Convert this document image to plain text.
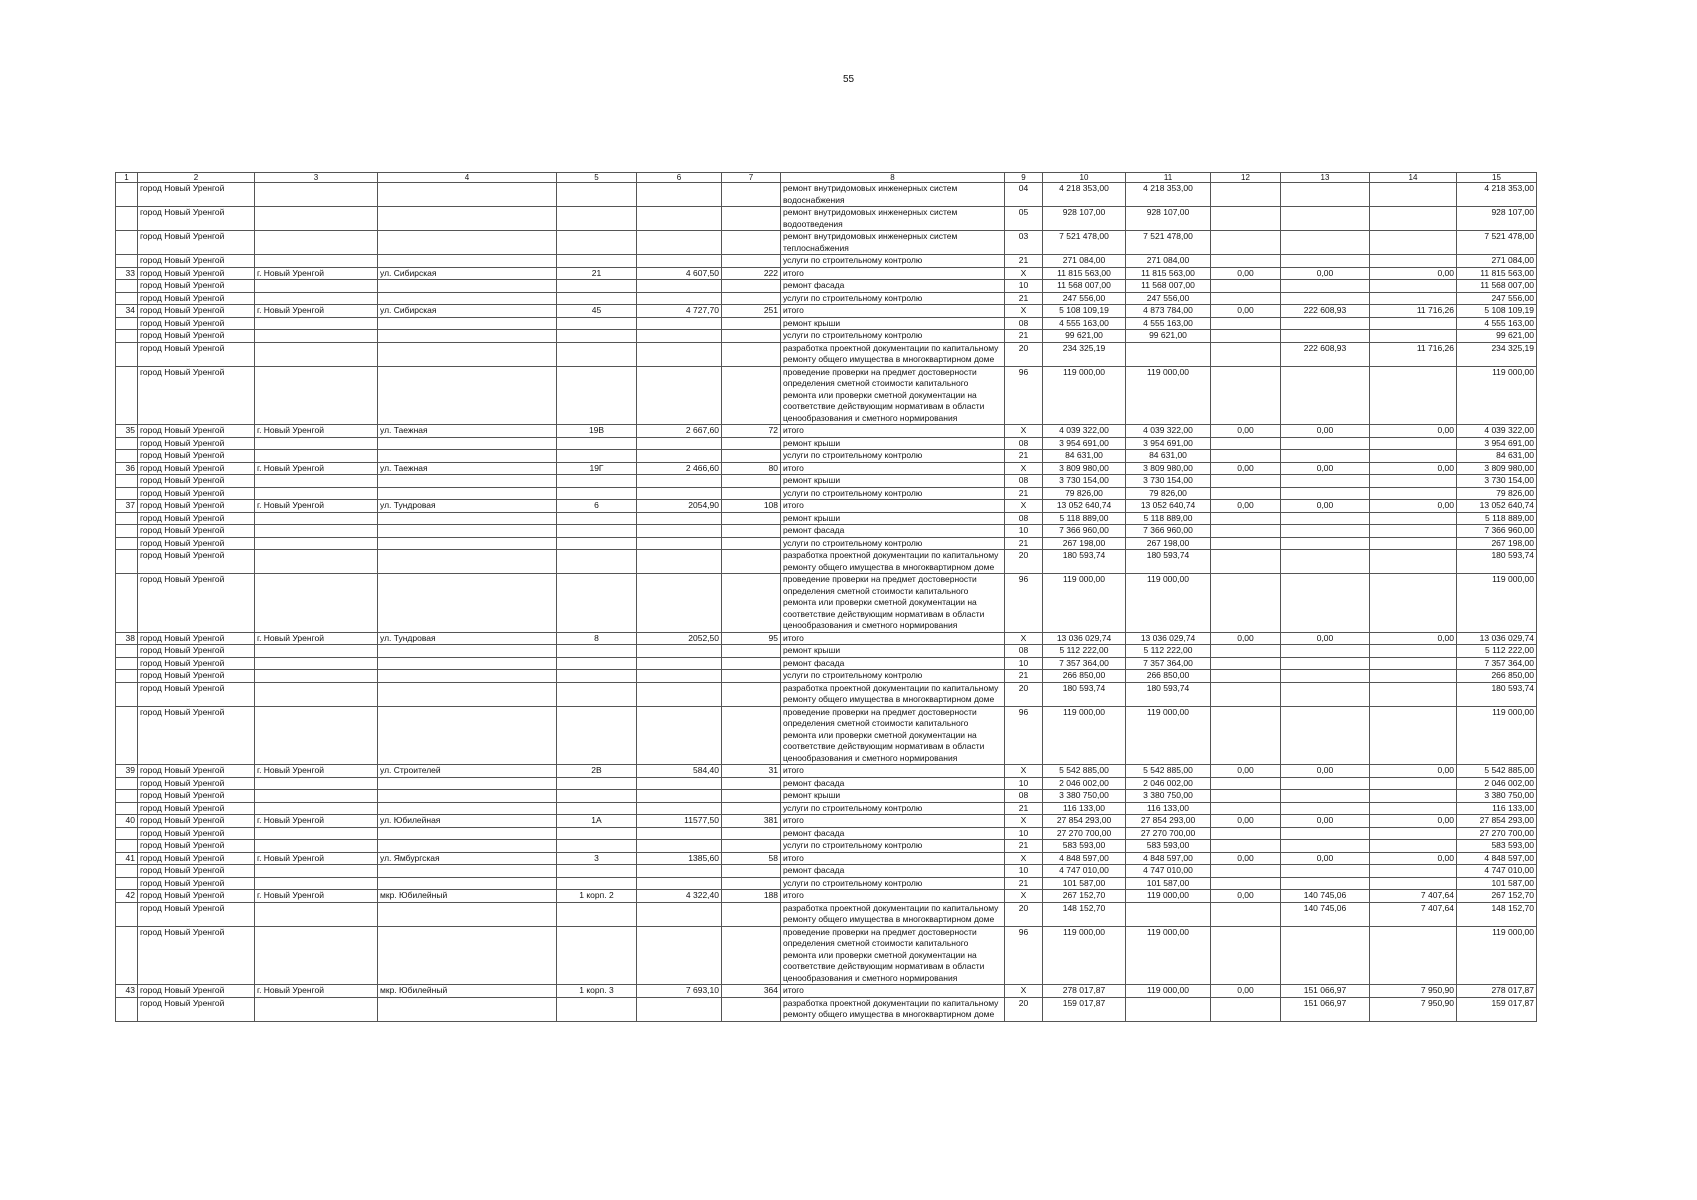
55
1	2	3	4	5	6	7	8	9	10	11	12	13	14	15
	город Новый Уренгой						ремонт внутридомовых инженерных систем водоснабжения	04	4 218 353,00	4 218 353,00				4 218 353,00
	город Новый Уренгой						ремонт внутридомовых инженерных систем водоотведения	05	928 107,00	928 107,00				928 107,00
	город Новый Уренгой						ремонт внутридомовых инженерных систем теплоснабжения	03	7 521 478,00	7 521 478,00				7 521 478,00
	город Новый Уренгой						услуги по строительному контролю	21	271 084,00	271 084,00				271 084,00
33	город Новый Уренгой	г. Новый Уренгой	ул. Сибирская	21	4 607,50	222	итого	X	11 815 563,00	11 815 563,00	0,00	0,00	0,00	11 815 563,00
	город Новый Уренгой						ремонт фасада	10	11 568 007,00	11 568 007,00				11 568 007,00
	город Новый Уренгой						услуги по строительному контролю	21	247 556,00	247 556,00				247 556,00
34	город Новый Уренгой	г. Новый Уренгой	ул. Сибирская	45	4 727,70	251	итого	X	5 108 109,19	4 873 784,00	0,00	222 608,93	11 716,26	5 108 109,19
	город Новый Уренгой						ремонт крыши	08	4 555 163,00	4 555 163,00				4 555 163,00
	город Новый Уренгой						услуги по строительному контролю	21	99 621,00	99 621,00				99 621,00
	город Новый Уренгой						разработка проектной документации по капитальному ремонту общего имущества в многоквартирном доме	20	234 325,19			222 608,93	11 716,26	234 325,19
	город Новый Уренгой						проведение проверки на предмет достоверности определения сметной стоимости капитального ремонта или проверки сметной документации на соответствие действующим нормативам в области ценообразования и сметного нормирования	96	119 000,00	119 000,00				119 000,00
35	город Новый Уренгой	г. Новый Уренгой	ул. Таежная	19В	2 667,60	72	итого	X	4 039 322,00	4 039 322,00	0,00	0,00	0,00	4 039 322,00
	город Новый Уренгой						ремонт крыши	08	3 954 691,00	3 954 691,00				3 954 691,00
	город Новый Уренгой						услуги по строительному контролю	21	84 631,00	84 631,00				84 631,00
36	город Новый Уренгой	г. Новый Уренгой	ул. Таежная	19Г	2 466,60	80	итого	X	3 809 980,00	3 809 980,00	0,00	0,00	0,00	3 809 980,00
	город Новый Уренгой						ремонт крыши	08	3 730 154,00	3 730 154,00				3 730 154,00
	город Новый Уренгой						услуги по строительному контролю	21	79 826,00	79 826,00				79 826,00
37	город Новый Уренгой	г. Новый Уренгой	ул. Тундровая	6	2054,90	108	итого	X	13 052 640,74	13 052 640,74	0,00	0,00	0,00	13 052 640,74
	город Новый Уренгой						ремонт крыши	08	5 118 889,00	5 118 889,00				5 118 889,00
	город Новый Уренгой						ремонт фасада	10	7 366 960,00	7 366 960,00				7 366 960,00
	город Новый Уренгой						услуги по строительному контролю	21	267 198,00	267 198,00				267 198,00
	город Новый Уренгой						разработка проектной документации по капитальному ремонту общего имущества в многоквартирном доме	20	180 593,74	180 593,74				180 593,74
	город Новый Уренгой						проведение проверки на предмет достоверности определения сметной стоимости капитального ремонта или проверки сметной документации на соответствие действующим нормативам в области ценообразования и сметного нормирования	96	119 000,00	119 000,00				119 000,00
38	город Новый Уренгой	г. Новый Уренгой	ул. Тундровая	8	2052,50	95	итого	X	13 036 029,74	13 036 029,74	0,00	0,00	0,00	13 036 029,74
	город Новый Уренгой						ремонт крыши	08	5 112 222,00	5 112 222,00				5 112 222,00
	город Новый Уренгой						ремонт фасада	10	7 357 364,00	7 357 364,00				7 357 364,00
	город Новый Уренгой						услуги по строительному контролю	21	266 850,00	266 850,00				266 850,00
	город Новый Уренгой						разработка проектной документации по капитальному ремонту общего имущества в многоквартирном доме	20	180 593,74	180 593,74				180 593,74
	город Новый Уренгой						проведение проверки на предмет достоверности определения сметной стоимости капитального ремонта или проверки сметной документации на соответствие действующим нормативам в области ценообразования и сметного нормирования	96	119 000,00	119 000,00				119 000,00
39	город Новый Уренгой	г. Новый Уренгой	ул. Строителей	2В	584,40	31	итого	X	5 542 885,00	5 542 885,00	0,00	0,00	0,00	5 542 885,00
	город Новый Уренгой						ремонт фасада	10	2 046 002,00	2 046 002,00				2 046 002,00
	город Новый Уренгой						ремонт крыши	08	3 380 750,00	3 380 750,00				3 380 750,00
	город Новый Уренгой						услуги по строительному контролю	21	116 133,00	116 133,00				116 133,00
40	город Новый Уренгой	г. Новый Уренгой	ул. Юбилейная	1А	11577,50	381	итого	X	27 854 293,00	27 854 293,00	0,00	0,00	0,00	27 854 293,00
	город Новый Уренгой						ремонт фасада	10	27 270 700,00	27 270 700,00				27 270 700,00
	город Новый Уренгой						услуги по строительному контролю	21	583 593,00	583 593,00				583 593,00
41	город Новый Уренгой	г. Новый Уренгой	ул. Ямбургская	3	1385,60	58	итого	X	4 848 597,00	4 848 597,00	0,00	0,00	0,00	4 848 597,00
	город Новый Уренгой						ремонт фасада	10	4 747 010,00	4 747 010,00				4 747 010,00
	город Новый Уренгой						услуги по строительному контролю	21	101 587,00	101 587,00				101 587,00
42	город Новый Уренгой	г. Новый Уренгой	мкр. Юбилейный	1 корп. 2	4 322,40	188	итого	X	267 152,70	119 000,00	0,00	140 745,06	7 407,64	267 152,70
	город Новый Уренгой						разработка проектной документации по капитальному ремонту общего имущества в многоквартирном доме	20	148 152,70			140 745,06	7 407,64	148 152,70
	город Новый Уренгой						проведение проверки на предмет достоверности определения сметной стоимости капитального ремонта или проверки сметной документации на соответствие действующим нормативам в области ценообразования и сметного нормирования	96	119 000,00	119 000,00				119 000,00
43	город Новый Уренгой	г. Новый Уренгой	мкр. Юбилейный	1 корп. 3	7 693,10	364	итого	X	278 017,87	119 000,00	0,00	151 066,97	7 950,90	278 017,87
	город Новый Уренгой						разработка проектной документации по капитальному ремонту общего имущества в многоквартирном доме	20	159 017,87			151 066,97	7 950,90	159 017,87
